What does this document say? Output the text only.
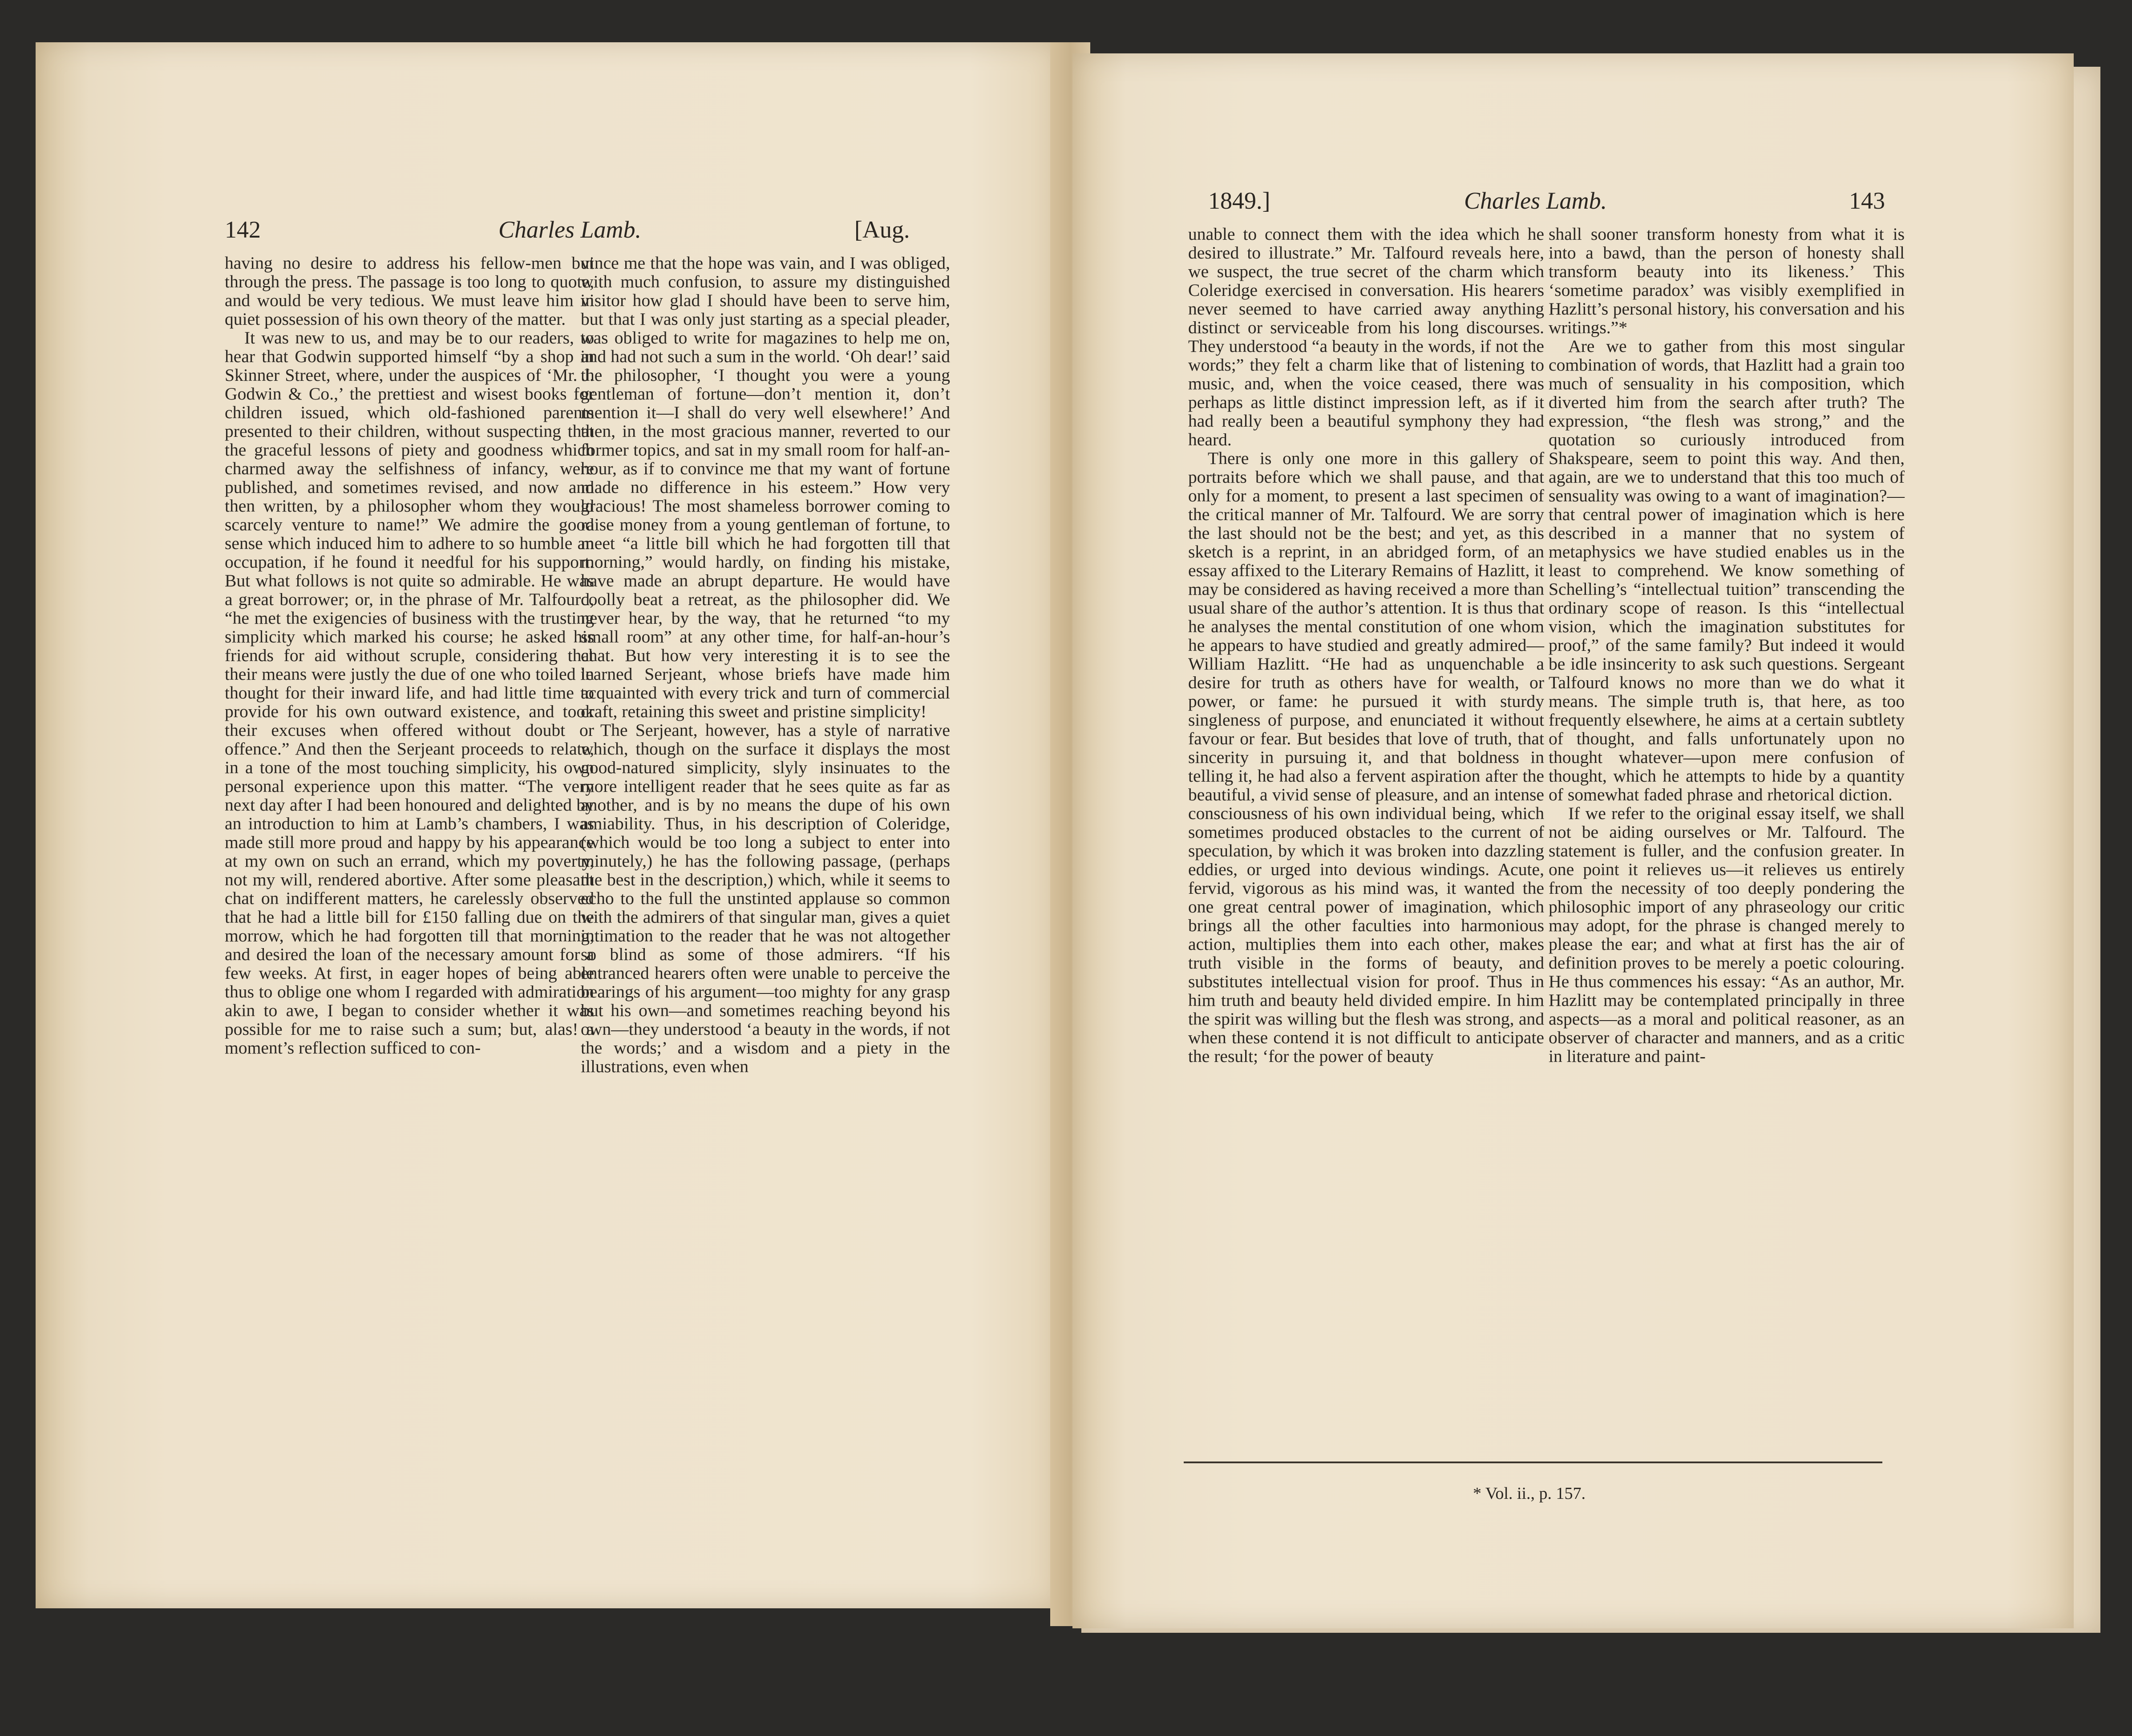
142	Charles Lamb.	[Aug.

having no desire to address his fellow-men but through the press. The passage is too long to quote, and would be very tedious. We must leave him in quiet possession of his own theory of the matter.

It was new to us, and may be to our readers, to hear that Godwin supported himself “by a shop in Skinner Street, where, under the auspices of ‘Mr. J. Godwin & Co.,’ the prettiest and wisest books for children issued, which old-fashioned parents presented to their children, without suspecting that the graceful lessons of piety and goodness which charmed away the selfishness of infancy, were published, and sometimes revised, and now and then written, by a philosopher whom they would scarcely venture to name!” We admire the good sense which induced him to adhere to so humble an occupation, if he found it needful for his support. But what follows is not quite so admirable. He was a great borrower; or, in the phrase of Mr. Talfourd, “he met the exigencies of business with the trusting simplicity which marked his course; he asked his friends for aid without scruple, considering that their means were justly the due of one who toiled in thought for their inward life, and had little time to provide for his own outward existence, and took their excuses when offered without doubt or offence.” And then the Serjeant proceeds to relate, in a tone of the most touching simplicity, his own personal experience upon this matter. “The very next day after I had been honoured and delighted by an introduction to him at Lamb’s chambers, I was made still more proud and happy by his appearance at my own on such an errand, which my poverty, not my will, rendered abortive. After some pleasant chat on indifferent matters, he carelessly observed that he had a little bill for £150 falling due on the morrow, which he had forgotten till that morning, and desired the loan of the necessary amount for a few weeks. At first, in eager hopes of being able thus to oblige one whom I regarded with admiration akin to awe, I began to consider whether it was possible for me to raise such a sum; but, alas! a moment’s reflection sufficed to con-

vince me that the hope was vain, and I was obliged, with much confusion, to assure my distinguished visitor how glad I should have been to serve him, but that I was only just starting as a special pleader, was obliged to write for magazines to help me on, and had not such a sum in the world. ‘Oh dear!’ said the philosopher, ‘I thought you were a young gentleman of fortune—don’t mention it, don’t mention it—I shall do very well elsewhere!’ And then, in the most gracious manner, reverted to our former topics, and sat in my small room for half-an-hour, as if to convince me that my want of fortune made no difference in his esteem.” How very gracious! The most shameless borrower coming to raise money from a young gentleman of fortune, to meet “a little bill which he had forgotten till that morning,” would hardly, on finding his mistake, have made an abrupt departure. He would have coolly beat a retreat, as the philosopher did. We never hear, by the way, that he returned “to my small room” at any other time, for half-an-hour’s chat. But how very interesting it is to see the learned Serjeant, whose briefs have made him acquainted with every trick and turn of commercial craft, retaining this sweet and pristine simplicity!

The Serjeant, however, has a style of narrative which, though on the surface it displays the most good-natured simplicity, slyly insinuates to the more intelligent reader that he sees quite as far as another, and is by no means the dupe of his own amiability. Thus, in his description of Coleridge, (which would be too long a subject to enter into minutely,) he has the following passage, (perhaps the best in the description,) which, while it seems to echo to the full the unstinted applause so common with the admirers of that singular man, gives a quiet intimation to the reader that he was not altogether so blind as some of those admirers. “If his entranced hearers often were unable to perceive the bearings of his argument—too mighty for any grasp but his own—and sometimes reaching beyond his own—they understood ‘a beauty in the words, if not the words;’ and a wisdom and a piety in the illustrations, even when

1849.]	Charles Lamb.	143

unable to connect them with the idea which he desired to illustrate.” Mr. Talfourd reveals here, we suspect, the true secret of the charm which Coleridge exercised in conversation. His hearers never seemed to have carried away anything distinct or serviceable from his long discourses. They understood “a beauty in the words, if not the words;” they felt a charm like that of listening to music, and, when the voice ceased, there was perhaps as little distinct impression left, as if it had really been a beautiful symphony they had heard.

There is only one more in this gallery of portraits before which we shall pause, and that only for a moment, to present a last specimen of the critical manner of Mr. Talfourd. We are sorry the last should not be the best; and yet, as this sketch is a reprint, in an abridged form, of an essay affixed to the Literary Remains of Hazlitt, it may be considered as having received a more than usual share of the author’s attention. It is thus that he analyses the mental constitution of one whom he appears to have studied and greatly admired—William Hazlitt. “He had as unquenchable a desire for truth as others have for wealth, or power, or fame: he pursued it with sturdy singleness of purpose, and enunciated it without favour or fear. But besides that love of truth, that sincerity in pursuing it, and that boldness in telling it, he had also a fervent aspiration after the beautiful, a vivid sense of pleasure, and an intense consciousness of his own individual being, which sometimes produced obstacles to the current of speculation, by which it was broken into dazzling eddies, or urged into devious windings. Acute, fervid, vigorous as his mind was, it wanted the one great central power of imagination, which brings all the other faculties into harmonious action, multiplies them into each other, makes truth visible in the forms of beauty, and substitutes intellectual vision for proof. Thus in him truth and beauty held divided empire. In him the spirit was willing but the flesh was strong, and when these contend it is not difficult to anticipate the result; ‘for the power of beauty

shall sooner transform honesty from what it is into a bawd, than the person of honesty shall transform beauty into its likeness.’ This ‘sometime paradox’ was visibly exemplified in Hazlitt’s personal history, his conversation and his writings.”*

Are we to gather from this most singular combination of words, that Hazlitt had a grain too much of sensuality in his composition, which diverted him from the search after truth? The expression, “the flesh was strong,” and the quotation so curiously introduced from Shakspeare, seem to point this way. And then, again, are we to understand that this too much of sensuality was owing to a want of imagination?—that central power of imagination which is here described in a manner that no system of metaphysics we have studied enables us in the least to comprehend. We know something of Schelling’s “intellectual tuition” transcending the ordinary scope of reason. Is this “intellectual vision, which the imagination substitutes for proof,” of the same family? But indeed it would be idle insincerity to ask such questions. Sergeant Talfourd knows no more than we do what it means. The simple truth is, that here, as too frequently elsewhere, he aims at a certain subtlety of thought, and falls unfortunately upon no thought whatever—upon mere confusion of thought, which he attempts to hide by a quantity of somewhat faded phrase and rhetorical diction.

If we refer to the original essay itself, we shall not be aiding ourselves or Mr. Talfourd. The statement is fuller, and the confusion greater. In one point it relieves us—it relieves us entirely from the necessity of too deeply pondering the philosophic import of any phraseology our critic may adopt, for the phrase is changed merely to please the ear; and what at first has the air of definition proves to be merely a poetic colouring. He thus commences his essay: “As an author, Mr. Hazlitt may be contemplated principally in three aspects—as a moral and political reasoner, as an observer of character and manners, and as a critic in literature and paint-

* Vol. ii., p. 157.
